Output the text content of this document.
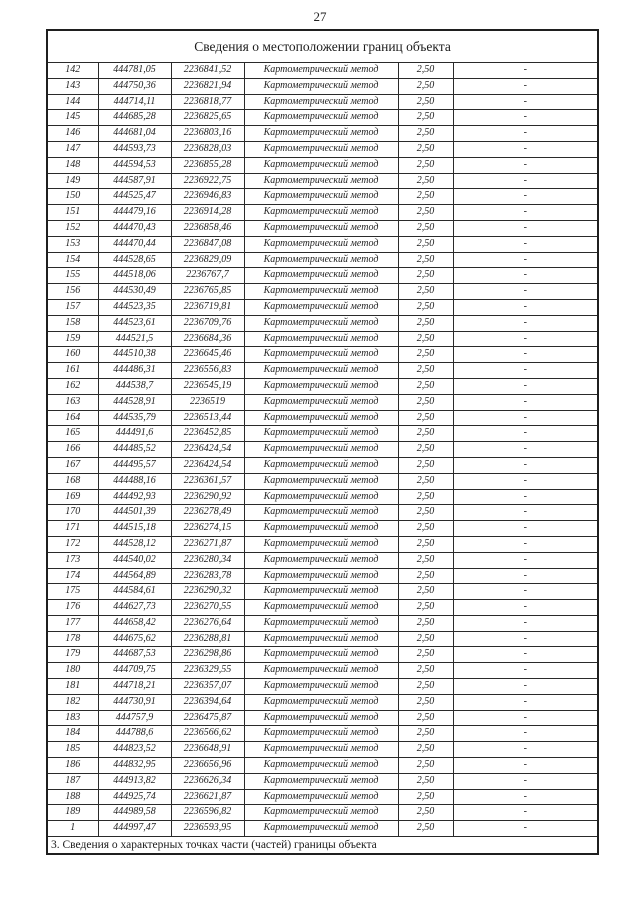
27
Сведения о местоположении границ объекта					
142	444781,05	2236841,52	Картометрический метод	2,50	-
143	444750,36	2236821,94	Картометрический метод	2,50	-
144	444714,11	2236818,77	Картометрический метод	2,50	-
145	444685,28	2236825,65	Картометрический метод	2,50	-
146	444681,04	2236803,16	Картометрический метод	2,50	-
147	444593,73	2236828,03	Картометрический метод	2,50	-
148	444594,53	2236855,28	Картометрический метод	2,50	-
149	444587,91	2236922,75	Картометрический метод	2,50	-
150	444525,47	2236946,83	Картометрический метод	2,50	-
151	444479,16	2236914,28	Картометрический метод	2,50	-
152	444470,43	2236858,46	Картометрический метод	2,50	-
153	444470,44	2236847,08	Картометрический метод	2,50	-
154	444528,65	2236829,09	Картометрический метод	2,50	-
155	444518,06	2236767,7	Картометрический метод	2,50	-
156	444530,49	2236765,85	Картометрический метод	2,50	-
157	444523,35	2236719,81	Картометрический метод	2,50	-
158	444523,61	2236709,76	Картометрический метод	2,50	-
159	444521,5	2236684,36	Картометрический метод	2,50	-
160	444510,38	2236645,46	Картометрический метод	2,50	-
161	444486,31	2236556,83	Картометрический метод	2,50	-
162	444538,7	2236545,19	Картометрический метод	2,50	-
163	444528,91	2236519	Картометрический метод	2,50	-
164	444535,79	2236513,44	Картометрический метод	2,50	-
165	444491,6	2236452,85	Картометрический метод	2,50	-
166	444485,52	2236424,54	Картометрический метод	2,50	-
167	444495,57	2236424,54	Картометрический метод	2,50	-
168	444488,16	2236361,57	Картометрический метод	2,50	-
169	444492,93	2236290,92	Картометрический метод	2,50	-
170	444501,39	2236278,49	Картометрический метод	2,50	-
171	444515,18	2236274,15	Картометрический метод	2,50	-
172	444528,12	2236271,87	Картометрический метод	2,50	-
173	444540,02	2236280,34	Картометрический метод	2,50	-
174	444564,89	2236283,78	Картометрический метод	2,50	-
175	444584,61	2236290,32	Картометрический метод	2,50	-
176	444627,73	2236270,55	Картометрический метод	2,50	-
177	444658,42	2236276,64	Картометрический метод	2,50	-
178	444675,62	2236288,81	Картометрический метод	2,50	-
179	444687,53	2236298,86	Картометрический метод	2,50	-
180	444709,75	2236329,55	Картометрический метод	2,50	-
181	444718,21	2236357,07	Картометрический метод	2,50	-
182	444730,91	2236394,64	Картометрический метод	2,50	-
183	444757,9	2236475,87	Картометрический метод	2,50	-
184	444788,6	2236566,62	Картометрический метод	2,50	-
185	444823,52	2236648,91	Картометрический метод	2,50	-
186	444832,95	2236656,96	Картометрический метод	2,50	-
187	444913,82	2236626,34	Картометрический метод	2,50	-
188	444925,74	2236621,87	Картометрический метод	2,50	-
189	444989,58	2236596,82	Картометрический метод	2,50	-
1	444997,47	2236593,95	Картометрический метод	2,50	-
3. Сведения о характерных точках части (частей) границы объекта					
